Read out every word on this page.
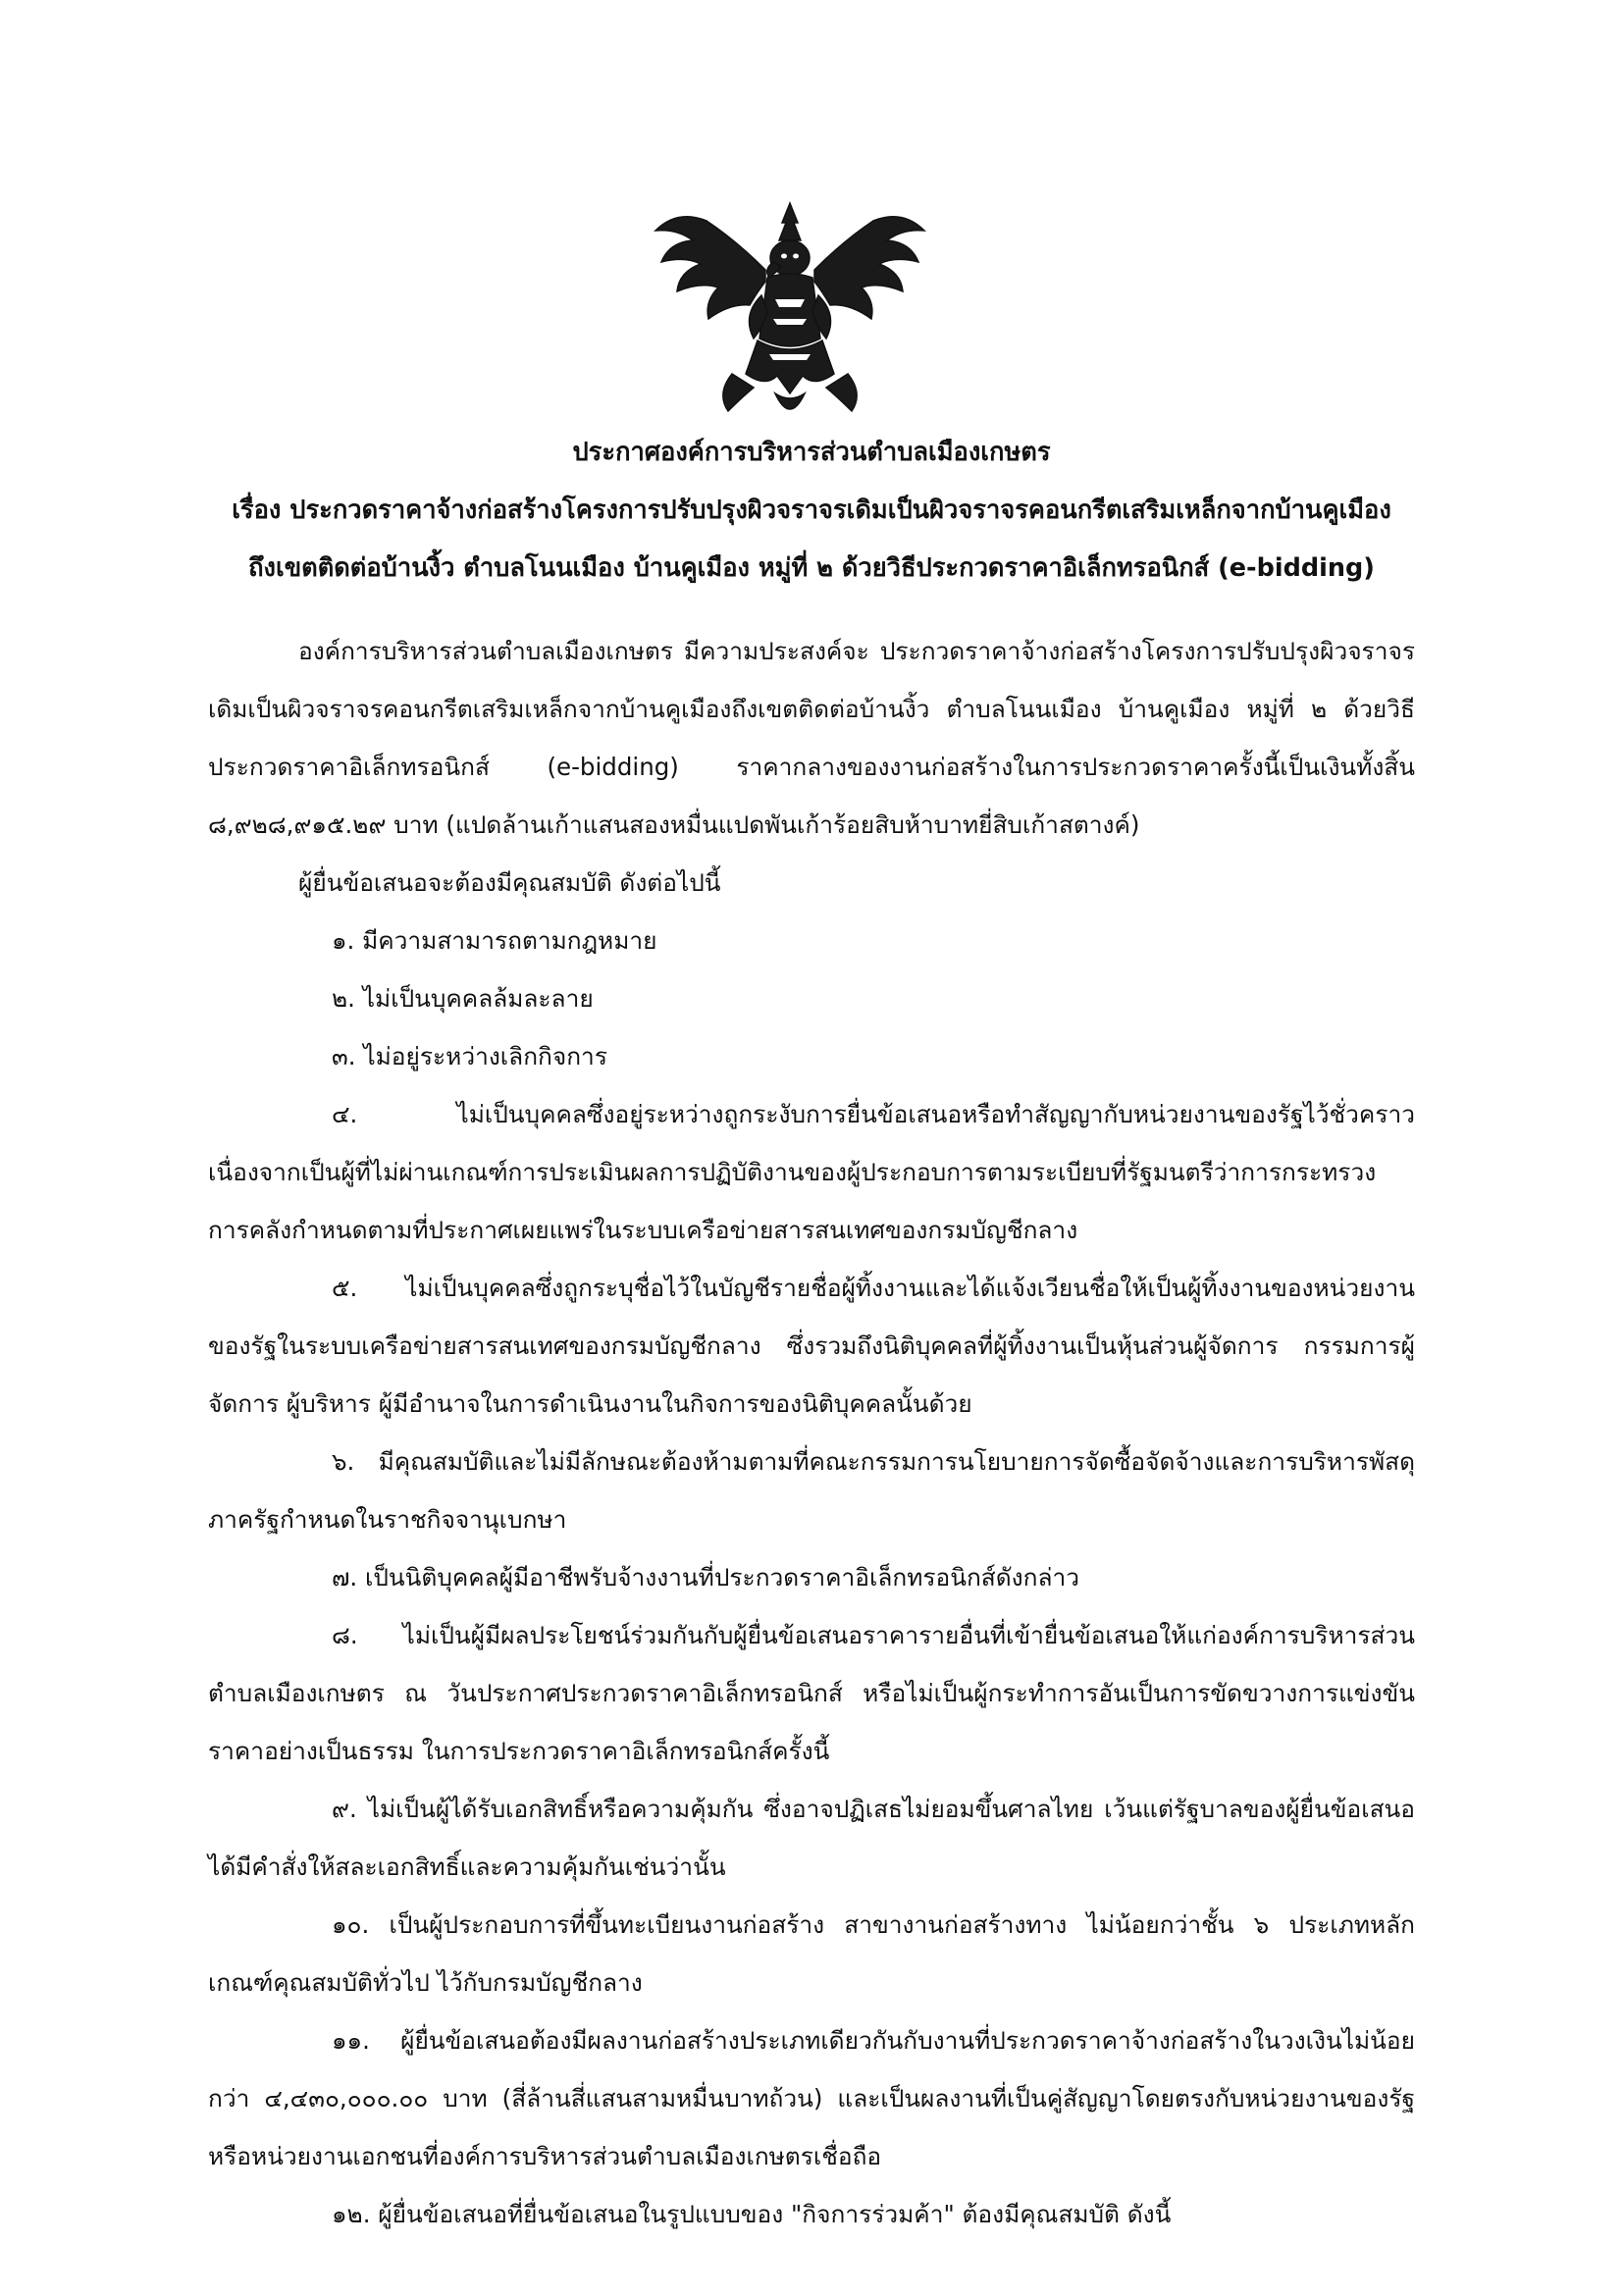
ประกาศองค์การบริหารส่วนตำบลเมืองเกษตร
เรื่อง ประกวดราคาจ้างก่อสร้างโครงการปรับปรุงผิวจราจรเดิมเป็นผิวจราจรคอนกรีตเสริมเหล็กจากบ้านคูเมือง
ถึงเขตติดต่อบ้านงิ้ว ตำบลโนนเมือง บ้านคูเมือง หมู่ที่ ๒ ด้วยวิธีประกวดราคาอิเล็กทรอนิกส์ (e-bidding)

องค์การบริหารส่วนตำบลเมืองเกษตร มีความประสงค์จะ ประกวดราคาจ้างก่อสร้างโครงการปรับปรุงผิวจราจรเดิมเป็นผิวจราจรคอนกรีตเสริมเหล็กจากบ้านคูเมืองถึงเขตติดต่อบ้านงิ้ว ตำบลโนนเมือง บ้านคูเมือง หมู่ที่ ๒ ด้วยวิธีประกวดราคาอิเล็กทรอนิกส์ (e-bidding) ราคากลางของงานก่อสร้างในการประกวดราคาครั้งนี้เป็นเงินทั้งสิ้น ๘,๙๒๘,๙๑๕.๒๙ บาท (แปดล้านเก้าแสนสองหมื่นแปดพันเก้าร้อยสิบห้าบาทยี่สิบเก้าสตางค์)

ผู้ยื่นข้อเสนอจะต้องมีคุณสมบัติ ดังต่อไปนี้

๑. มีความสามารถตามกฎหมาย

๒. ไม่เป็นบุคคลล้มละลาย

๓. ไม่อยู่ระหว่างเลิกกิจการ

๔. ไม่เป็นบุคคลซึ่งอยู่ระหว่างถูกระงับการยื่นข้อเสนอหรือทำสัญญากับหน่วยงานของรัฐไว้ชั่วคราว เนื่องจากเป็นผู้ที่ไม่ผ่านเกณฑ์การประเมินผลการปฏิบัติงานของผู้ประกอบการตามระเบียบที่รัฐมนตรีว่าการกระทรวงการคลังกำหนดตามที่ประกาศเผยแพร่ในระบบเครือข่ายสารสนเทศของกรมบัญชีกลาง

๕. ไม่เป็นบุคคลซึ่งถูกระบุชื่อไว้ในบัญชีรายชื่อผู้ทิ้งงานและได้แจ้งเวียนชื่อให้เป็นผู้ทิ้งงานของหน่วยงานของรัฐในระบบเครือข่ายสารสนเทศของกรมบัญชีกลาง ซึ่งรวมถึงนิติบุคคลที่ผู้ทิ้งงานเป็นหุ้นส่วนผู้จัดการ กรรมการผู้จัดการ ผู้บริหาร ผู้มีอำนาจในการดำเนินงานในกิจการของนิติบุคคลนั้นด้วย

๖. มีคุณสมบัติและไม่มีลักษณะต้องห้ามตามที่คณะกรรมการนโยบายการจัดซื้อจัดจ้างและการบริหารพัสดุภาครัฐกำหนดในราชกิจจานุเบกษา

๗. เป็นนิติบุคคลผู้มีอาชีพรับจ้างงานที่ประกวดราคาอิเล็กทรอนิกส์ดังกล่าว

๘. ไม่เป็นผู้มีผลประโยชน์ร่วมกันกับผู้ยื่นข้อเสนอราคารายอื่นที่เข้ายื่นข้อเสนอให้แก่องค์การบริหารส่วนตำบลเมืองเกษตร ณ วันประกาศประกวดราคาอิเล็กทรอนิกส์ หรือไม่เป็นผู้กระทำการอันเป็นการขัดขวางการแข่งขันราคาอย่างเป็นธรรม ในการประกวดราคาอิเล็กทรอนิกส์ครั้งนี้

๙. ไม่เป็นผู้ได้รับเอกสิทธิ์หรือความคุ้มกัน ซึ่งอาจปฏิเสธไม่ยอมขึ้นศาลไทย เว้นแต่รัฐบาลของผู้ยื่นข้อเสนอได้มีคำสั่งให้สละเอกสิทธิ์และความคุ้มกันเช่นว่านั้น

๑๐. เป็นผู้ประกอบการที่ขึ้นทะเบียนงานก่อสร้าง สาขางานก่อสร้างทาง ไม่น้อยกว่าชั้น ๖ ประเภทหลักเกณฑ์คุณสมบัติทั่วไป ไว้กับกรมบัญชีกลาง

๑๑. ผู้ยื่นข้อเสนอต้องมีผลงานก่อสร้างประเภทเดียวกันกับงานที่ประกวดราคาจ้างก่อสร้างในวงเงินไม่น้อยกว่า ๔,๔๓๐,๐๐๐.๐๐ บาท (สี่ล้านสี่แสนสามหมื่นบาทถ้วน) และเป็นผลงานที่เป็นคู่สัญญาโดยตรงกับหน่วยงานของรัฐ หรือหน่วยงานเอกชนที่องค์การบริหารส่วนตำบลเมืองเกษตรเชื่อถือ

๑๒. ผู้ยื่นข้อเสนอที่ยื่นข้อเสนอในรูปแบบของ "กิจการร่วมค้า" ต้องมีคุณสมบัติ ดังนี้
